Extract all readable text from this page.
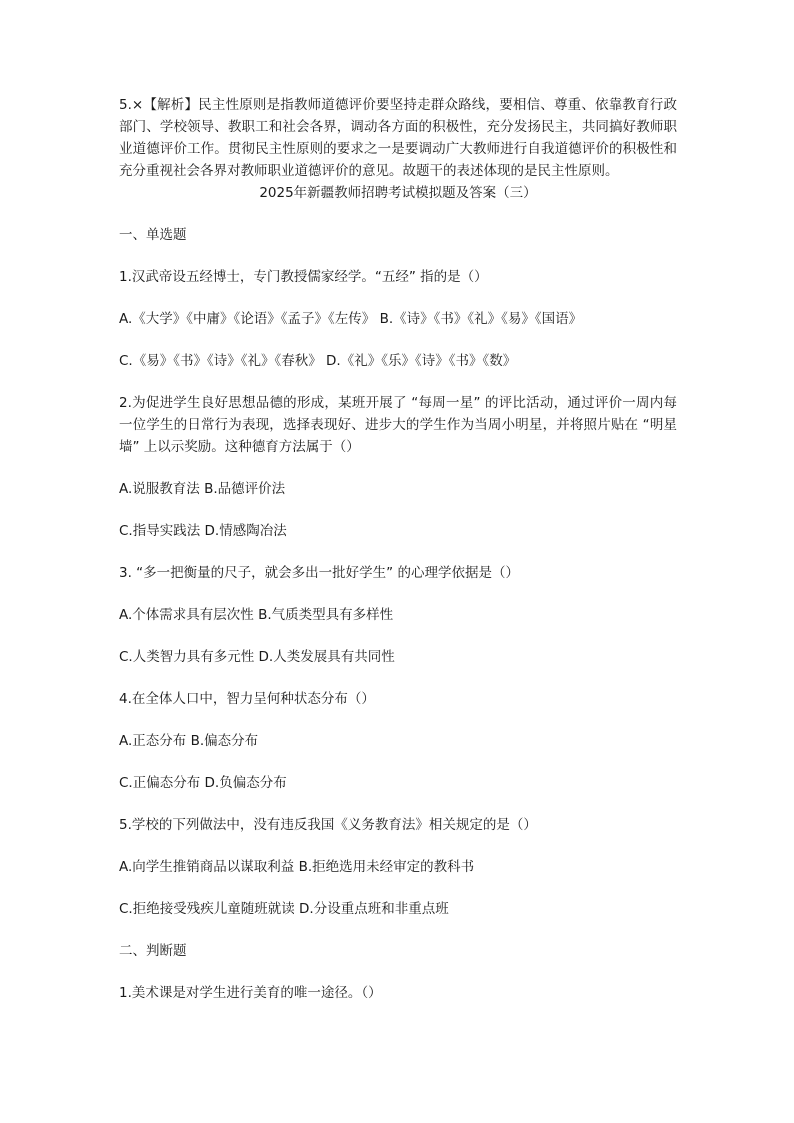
5.×【解析】民主性原则是指教师道德评价要坚持走群众路线，要相信、尊重、依靠教育行政部门、学校领导、教职工和社会各界，调动各方面的积极性，充分发扬民主，共同搞好教师职业道德评价工作。贯彻民主性原则的要求之一是要调动广大教师进行自我道德评价的积极性和充分重视社会各界对教师职业道德评价的意见。故题干的表述体现的是民主性原则。

2025年新疆教师招聘考试模拟题及答案（三）

一、单选题

1.汉武帝设五经博士，专门教授儒家经学。“五经” 指的是（）

A.《大学》《中庸》《论语》《孟子》《左传》 B.《诗》《书》《礼》《易》《国语》

C.《易》《书》《诗》《礼》《春秋》 D.《礼》《乐》《诗》《书》《数》

2.为促进学生良好思想品德的形成，某班开展了 “每周一星” 的评比活动，通过评价一周内每一位学生的日常行为表现，选择表现好、进步大的学生作为当周小明星，并将照片贴在 “明星墙” 上以示奖励。这种德育方法属于（）

A.说服教育法 B.品德评价法

C.指导实践法 D.情感陶冶法

3. “多一把衡量的尺子，就会多出一批好学生” 的心理学依据是（）

A.个体需求具有层次性 B.气质类型具有多样性

C.人类智力具有多元性 D.人类发展具有共同性

4.在全体人口中，智力呈何种状态分布（）

A.正态分布 B.偏态分布

C.正偏态分布 D.负偏态分布

5.学校的下列做法中，没有违反我国《义务教育法》相关规定的是（）

A.向学生推销商品以谋取利益 B.拒绝选用未经审定的教科书

C.拒绝接受残疾儿童随班就读 D.分设重点班和非重点班

二、判断题

1.美术课是对学生进行美育的唯一途径。（）
